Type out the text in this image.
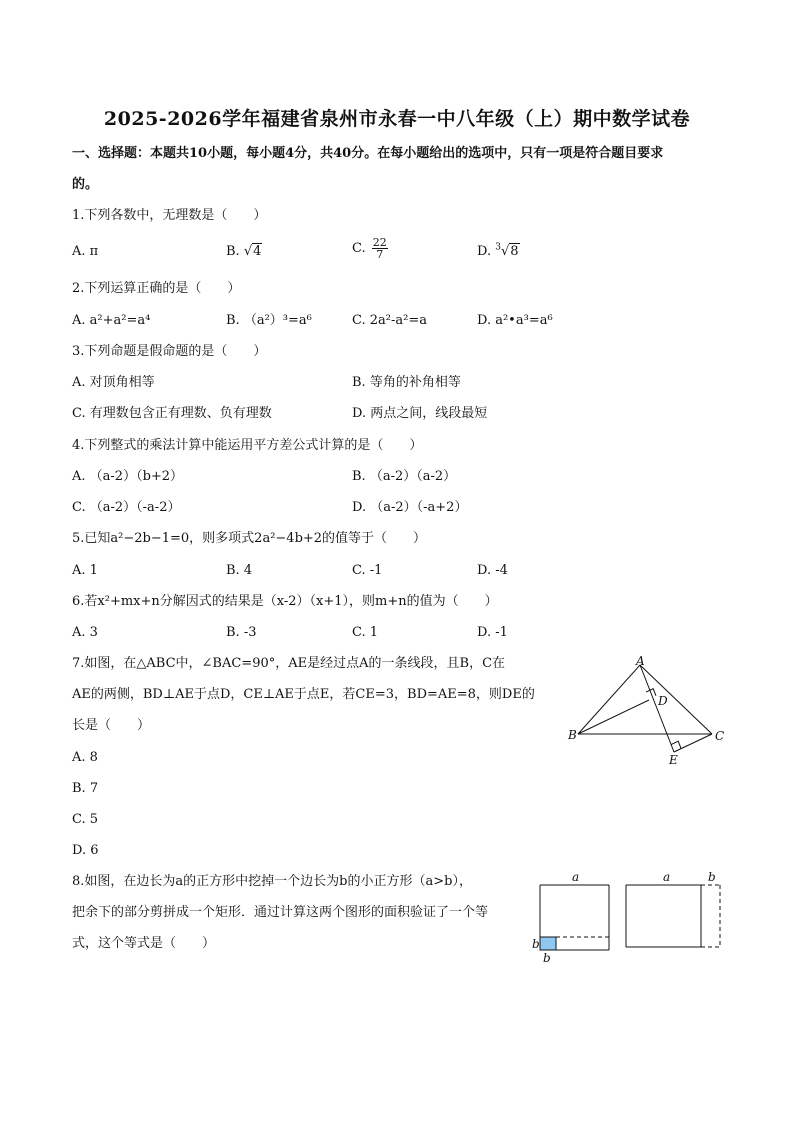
2025-2026学年福建省泉州市永春一中八年级（上）期中数学试卷
一、选择题：本题共10小题，每小题4分，共40分。在每小题给出的选项中，只有一项是符合题目要求
的。
1.下列各数中，无理数是（　　）
A. π	B. √4	C. $\frac{22}{7}$	D. $^3$√8
2.下列运算正确的是（　　）
A. a²+a²=a⁴	B. （a²）³=a⁶	C. 2a²-a²=a	D. a²•a³=a⁶
3.下列命题是假命题的是（　　）
A. 对顶角相等	B. 等角的补角相等
C. 有理数包含正有理数、负有理数	D. 两点之间，线段最短
4.下列整式的乘法计算中能运用平方差公式计算的是（　　）
A. （a-2）（b+2）	B. （a-2）（a-2）
C. （a-2）（-a-2）	D. （a-2）（-a+2）
5.已知a²−2b−1=0，则多项式2a²−4b+2的值等于（　　）
A. 1	B. 4	C. -1	D. -4
6.若x²+mx+n分解因式的结果是（x-2）（x+1），则m+n的值为（　　）
A. 3	B. -3	C. 1	D. -1
7.如图，在△ABC中，∠BAC=90°，AE是经过点A的一条线段，且B，C在
AE的两侧，BD⊥AE于点D，CE⊥AE于点E，若CE=3，BD=AE=8，则DE的
长是（　　）
A. 8
B. 7
C. 5
D. 6
A
B	C
D
E
8.如图，在边长为a的正方形中挖掉一个边长为b的小正方形（a>b），
把余下的部分剪拼成一个矩形．通过计算这两个图形的面积验证了一个等
式，这个等式是（　　）
a
b
b
a	b
